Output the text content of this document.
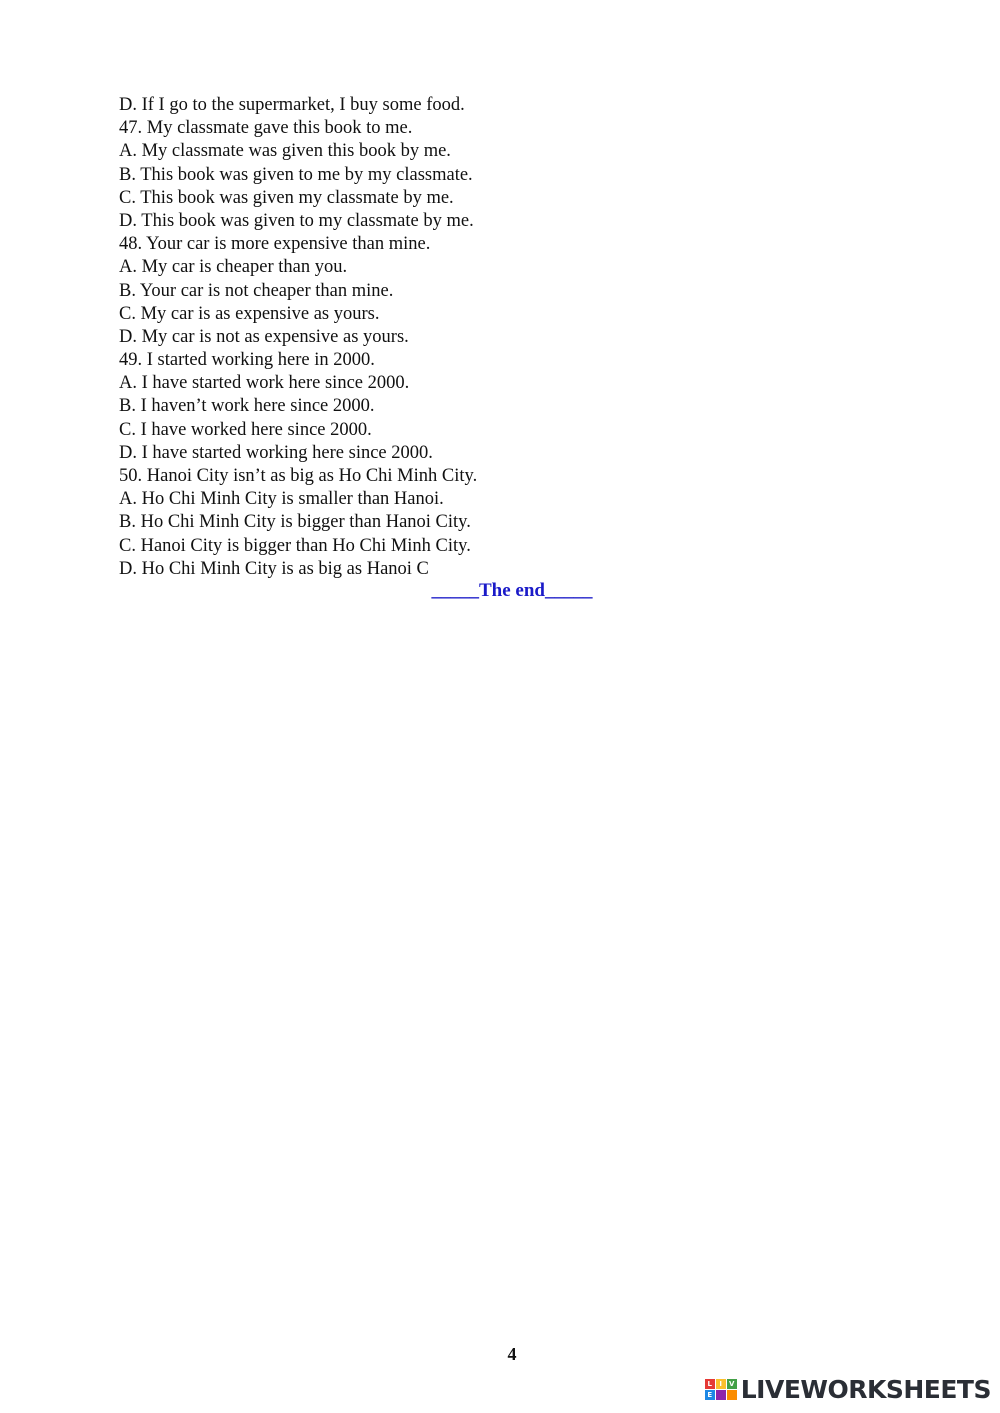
D. If I go to the supermarket, I buy some food.
47. My classmate gave this book to me.
A. My classmate was given this book by me.
B. This book was given to me by my classmate.
C. This book was given my classmate by me.
D. This book was given to my classmate by me.
48. Your car is more expensive than mine.
A. My car is cheaper than you.
B. Your car is not cheaper than mine.
C. My car is as expensive as yours.
D. My car is not as expensive as yours.
49. I started working here in 2000.
A. I have started work here since 2000.
B. I haven’t work here since 2000.
C. I have worked here since 2000.
D. I have started working here since 2000.
50. Hanoi City isn’t as big as Ho Chi Minh City.
A. Ho Chi Minh City is smaller than Hanoi.
B. Ho Chi Minh City is bigger than Hanoi City.
C. Hanoi City is bigger than Ho Chi Minh City.
D. Ho Chi Minh City is as big as Hanoi C
_____The end_____
4
L	I V
E LIVEWORKSHEETS
